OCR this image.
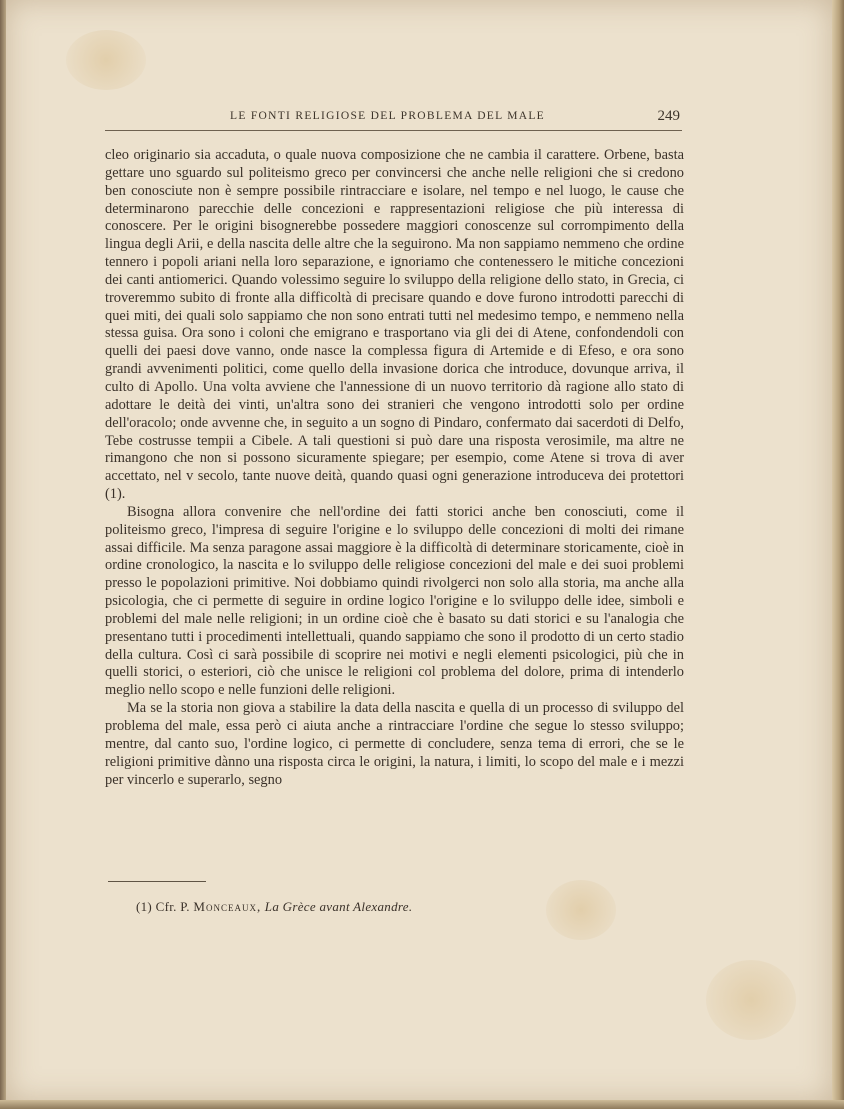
LE FONTI RELIGIOSE DEL PROBLEMA DEL MALE	249

cleo originario sia accaduta, o quale nuova composizione che ne cambia il carattere. Orbene, basta gettare uno sguardo sul politeismo greco per convincersi che anche nelle religioni che si credono ben conosciute non è sempre possibile rintracciare e isolare, nel tempo e nel luogo, le cause che determinarono parecchie delle concezioni e rappresentazioni religiose che più interessa di conoscere. Per le origini bisognerebbe possedere maggiori conoscenze sul corrompimento della lingua degli Arii, e della nascita delle altre che la seguirono. Ma non sappiamo nemmeno che ordine tennero i popoli ariani nella loro separazione, e ignoriamo che contenessero le mitiche concezioni dei canti antiomerici. Quando volessimo seguire lo sviluppo della religione dello stato, in Grecia, ci troveremmo subito di fronte alla difficoltà di precisare quando e dove furono introdotti parecchi di quei miti, dei quali solo sappiamo che non sono entrati tutti nel medesimo tempo, e nemmeno nella stessa guisa. Ora sono i coloni che emigrano e trasportano via gli dei di Atene, confondendoli con quelli dei paesi dove vanno, onde nasce la complessa figura di Artemide e di Efeso, e ora sono grandi avvenimenti politici, come quello della invasione dorica che introduce, dovunque arriva, il culto di Apollo. Una volta avviene che l'annessione di un nuovo territorio dà ragione allo stato di adottare le deità dei vinti, un'altra sono dei stranieri che vengono introdotti solo per ordine dell'oracolo; onde avvenne che, in seguito a un sogno di Pindaro, confermato dai sacerdoti di Delfo, Tebe costrusse tempii a Cibele. A tali questioni si può dare una risposta verosimile, ma altre ne rimangono che non si possono sicuramente spiegare; per esempio, come Atene si trova di aver accettato, nel v secolo, tante nuove deità, quando quasi ogni generazione introduceva dei protettori (1).

Bisogna allora convenire che nell'ordine dei fatti storici anche ben conosciuti, come il politeismo greco, l'impresa di seguire l'origine e lo sviluppo delle concezioni di molti dei rimane assai difficile. Ma senza paragone assai maggiore è la difficoltà di determinare storicamente, cioè in ordine cronologico, la nascita e lo sviluppo delle religiose concezioni del male e dei suoi problemi presso le popolazioni primitive. Noi dobbiamo quindi rivolgerci non solo alla storia, ma anche alla psicologia, che ci permette di seguire in ordine logico l'origine e lo sviluppo delle idee, simboli e problemi del male nelle religioni; in un ordine cioè che è basato su dati storici e su l'analogia che presentano tutti i procedimenti intellettuali, quando sappiamo che sono il prodotto di un certo stadio della cultura. Così ci sarà possibile di scoprire nei motivi e negli elementi psicologici, più che in quelli storici, o esteriori, ciò che unisce le religioni col problema del dolore, prima di intenderlo meglio nello scopo e nelle funzioni delle religioni.

Ma se la storia non giova a stabilire la data della nascita e quella di un processo di sviluppo del problema del male, essa però ci aiuta anche a rintracciare l'ordine che segue lo stesso sviluppo; mentre, dal canto suo, l'ordine logico, ci permette di concludere, senza tema di errori, che se le religioni primitive dànno una risposta circa le origini, la natura, i limiti, lo scopo del male e i mezzi per vincerlo e superarlo, segno

(1) Cfr. P. Monceaux, La Grèce avant Alexandre.
